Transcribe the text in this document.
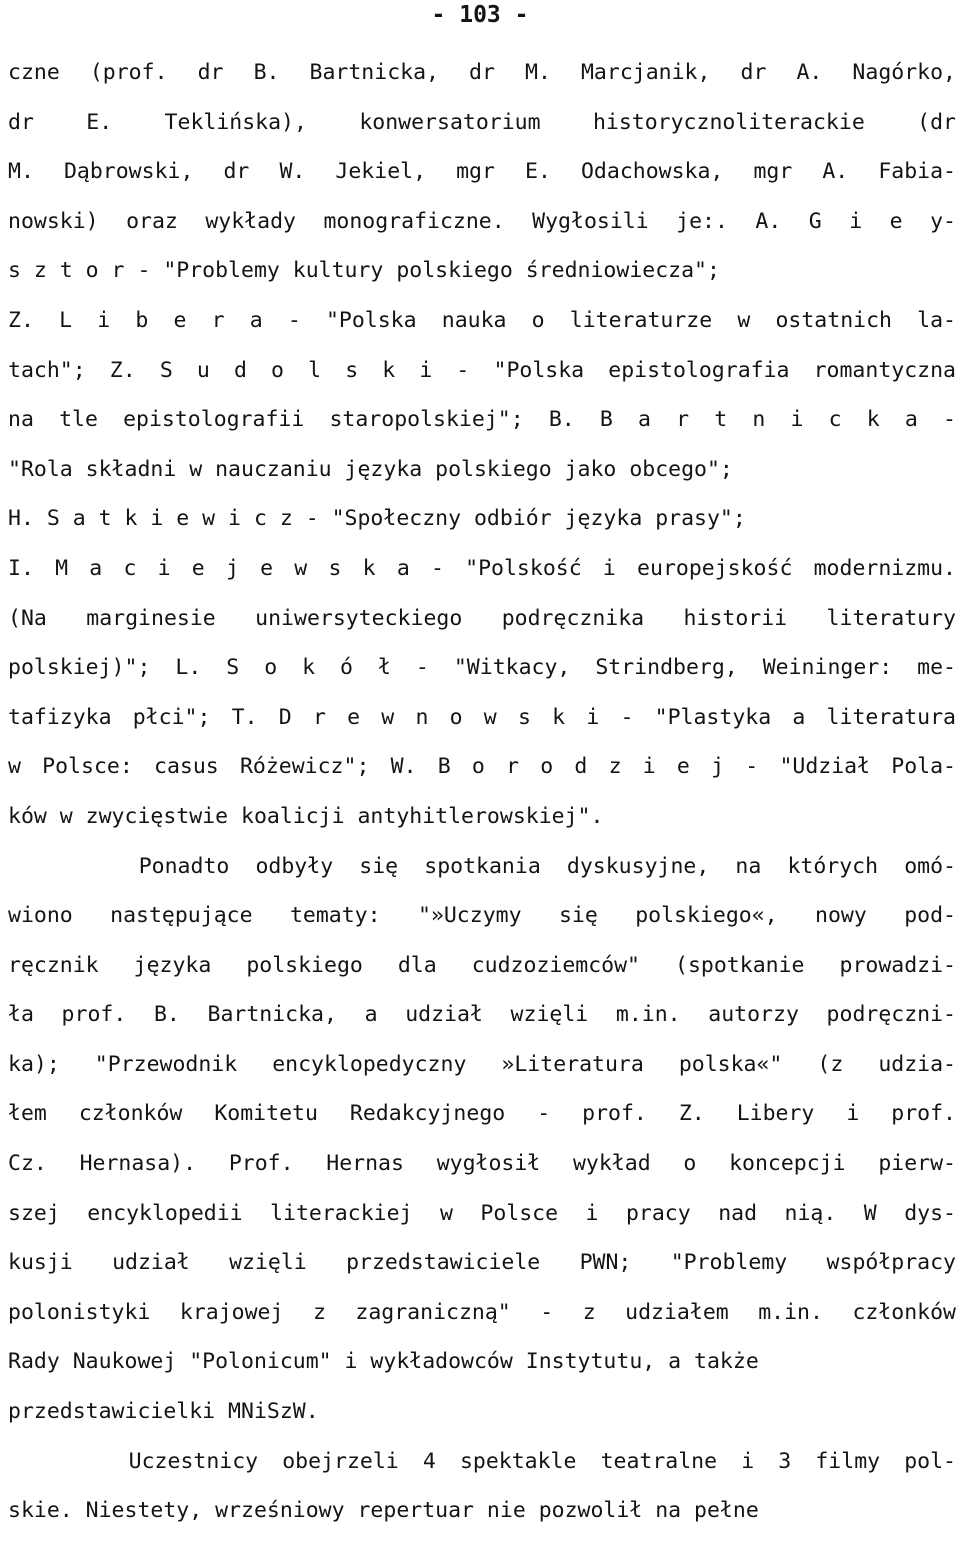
- 103 -
czne (prof. dr B. Bartnicka, dr M. Marcjanik, dr A. Nagórko,
dr E. Teklińska), konwersatorium historycznoliterackie (dr
M. Dąbrowski, dr W. Jekiel, mgr E. Odachowska, mgr A. Fabia-
nowski) oraz wykłady monograficzne. Wygłosili je:. A. G i e y-
s z t o r - "Problemy kultury polskiego średniowiecza";
Z. L i b e r a - "Polska nauka o literaturze w ostatnich la-
tach"; Z. S u d o l s k i - "Polska epistolografia romantyczna
na tle epistolografii staropolskiej"; B. B a r t n i c k a -
"Rola składni w nauczaniu języka polskiego jako obcego";
H. S a t k i e w i c z - "Społeczny odbiór języka prasy";
I. M a c i e j e w s k a - "Polskość i europejskość modernizmu.
(Na marginesie uniwersyteckiego podręcznika historii literatury
polskiej)"; L. S o k ó ł - "Witkacy, Strindberg, Weininger: me-
tafizyka płci"; T. D r e w n o w s k i - "Plastyka a literatura
w Polsce: casus Różewicz"; W. B o r o d z i e j - "Udział Pola-
ków w zwycięstwie koalicji antyhitlerowskiej".
Ponadto odbyły się spotkania dyskusyjne, na których omó-
wiono następujące tematy: "»Uczymy się polskiego«, nowy pod-
ręcznik języka polskiego dla cudzoziemców" (spotkanie prowadzi-
ła prof. B. Bartnicka, a udział wzięli m.in. autorzy podręczni-
ka); "Przewodnik encyklopedyczny »Literatura polska«" (z udzia-
łem członków Komitetu Redakcyjnego - prof. Z. Libery i prof.
Cz. Hernasa). Prof. Hernas wygłosił wykład o koncepcji pierw-
szej encyklopedii literackiej w Polsce i pracy nad nią. W dys-
kusji udział wzięli przedstawiciele PWN; "Problemy współpracy
polonistyki krajowej z zagraniczną" - z udziałem m.in. członków
Rady Naukowej "Polonicum" i wykładowców Instytutu, a także
przedstawicielki MNiSzW.
Uczestnicy obejrzeli 4 spektakle teatralne i 3 filmy pol-
skie. Niestety, wrześniowy repertuar nie pozwolił na pełne
